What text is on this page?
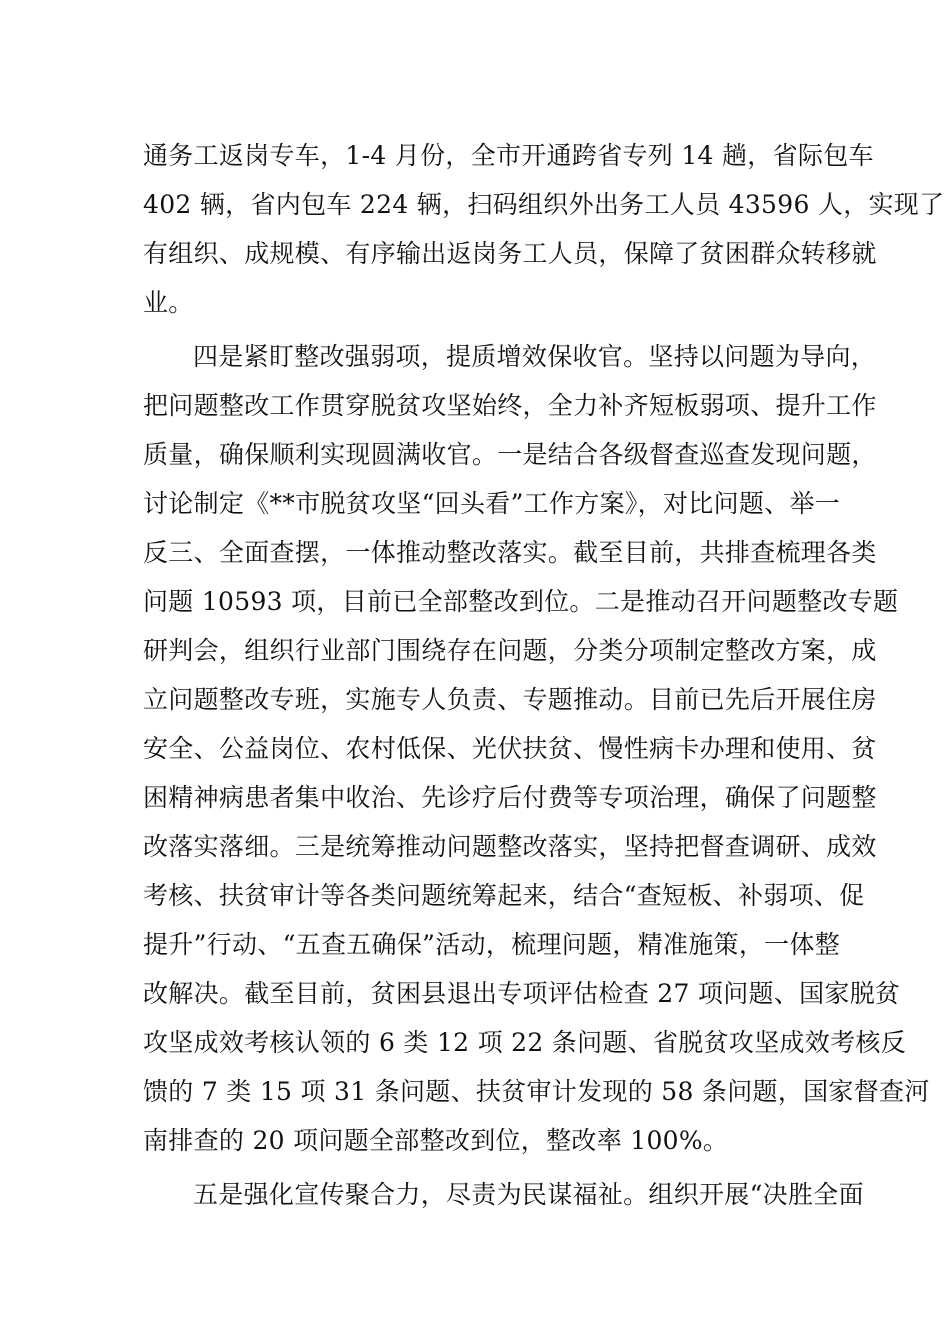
通务工返岗专车，1-4 月份，全市开通跨省专列 14 趟，省际包车
402 辆，省内包车 224 辆，扫码组织外出务工人员 43596 人，实现了
有组织、成规模、有序输出返岗务工人员，保障了贫困群众转移就
业。
四是紧盯整改强弱项，提质增效保收官。坚持以问题为导向，
把问题整改工作贯穿脱贫攻坚始终，全力补齐短板弱项、提升工作
质量，确保顺利实现圆满收官。一是结合各级督查巡查发现问题，
讨论制定《**市脱贫攻坚“回头看”工作方案》，对比问题、举一
反三、全面查摆，一体推动整改落实。截至目前，共排查梳理各类
问题 10593 项，目前已全部整改到位。二是推动召开问题整改专题
研判会，组织行业部门围绕存在问题，分类分项制定整改方案，成
立问题整改专班，实施专人负责、专题推动。目前已先后开展住房
安全、公益岗位、农村低保、光伏扶贫、慢性病卡办理和使用、贫
困精神病患者集中收治、先诊疗后付费等专项治理，确保了问题整
改落实落细。三是统筹推动问题整改落实，坚持把督查调研、成效
考核、扶贫审计等各类问题统筹起来，结合“查短板、补弱项、促
提升”行动、“五查五确保”活动，梳理问题，精准施策，一体整
改解决。截至目前，贫困县退出专项评估检查 27 项问题、国家脱贫
攻坚成效考核认领的 6 类 12 项 22 条问题、省脱贫攻坚成效考核反
馈的 7 类 15 项 31 条问题、扶贫审计发现的 58 条问题，国家督查河
南排查的 20 项问题全部整改到位，整改率 100%。
五是强化宣传聚合力，尽责为民谋福祉。组织开展“决胜全面
